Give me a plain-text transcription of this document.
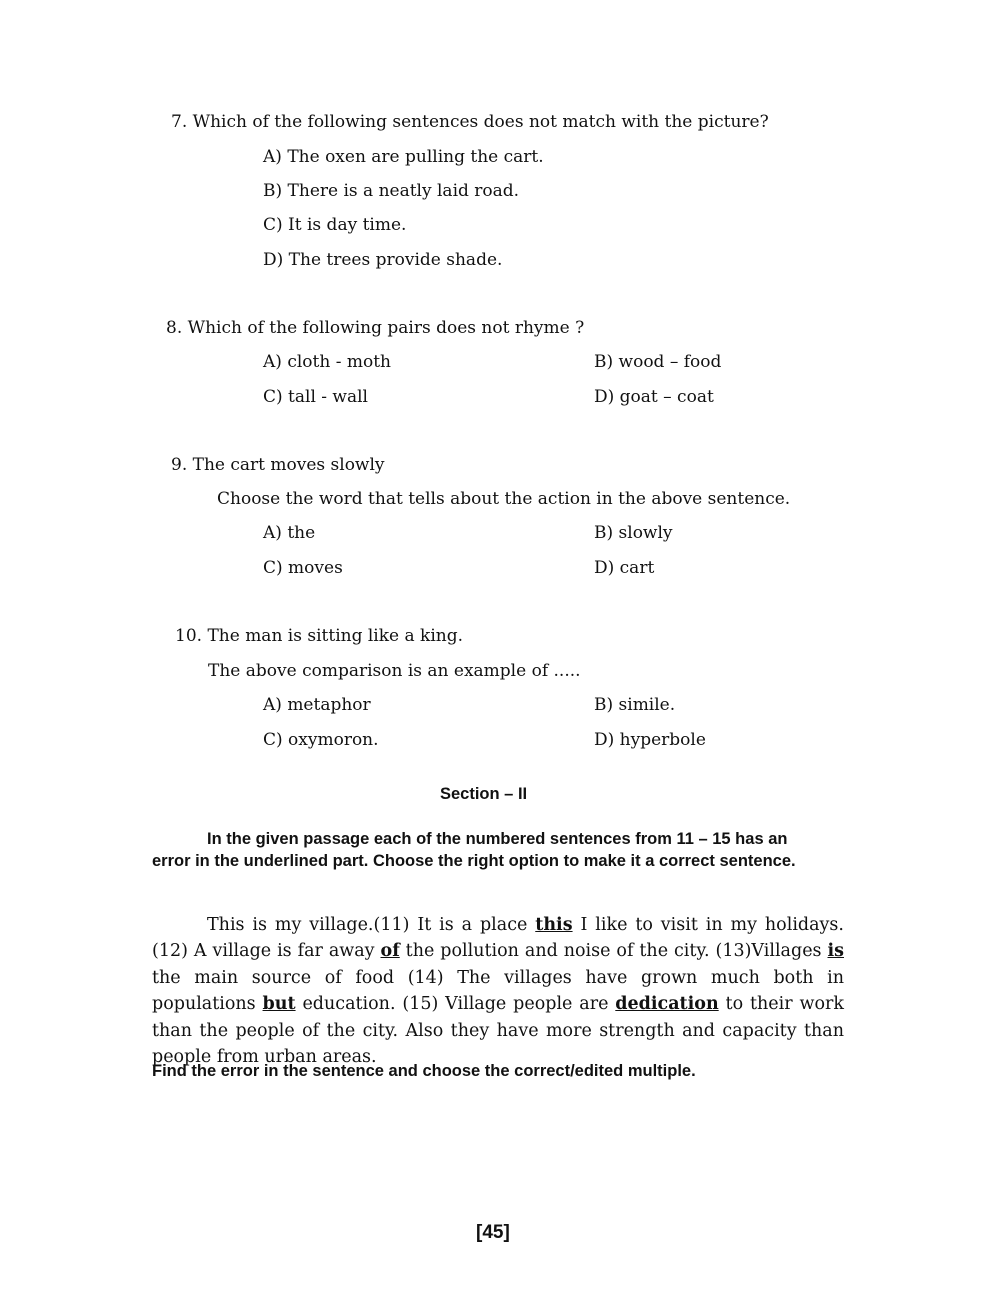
7. Which of the following sentences does not match with the picture?
A) The oxen are pulling the cart.
B) There is a neatly laid road.
C) It is day time.
D) The trees provide shade.
8. Which of the following pairs does not rhyme ?
A) cloth - moth	B) wood – food
C) tall - wall	D) goat – coat
9. The cart moves slowly
Choose the word that tells about the action in the above sentence.
A) the	B) slowly
C) moves	D) cart
10. The man is sitting like a king.
The above comparison is an example of .....
A) metaphor	B) simile.
C) oxymoron.	D) hyperbole
Section – II
In the given passage each of the numbered sentences from 11 – 15 has an
error in the underlined part. Choose the right option to make it a correct sentence.
This is my village.(11) It is a place this I like to visit in my holidays.(12) A village is far away of the pollution and noise of the city. (13)Villages is the main source of food (14) The villages have grown much both in populations but education. (15) Village people are dedication to their work than the people of the city. Also they have more strength and capacity than people from urban areas.
Find the error in the sentence and choose the correct/edited multiple.
[45]
